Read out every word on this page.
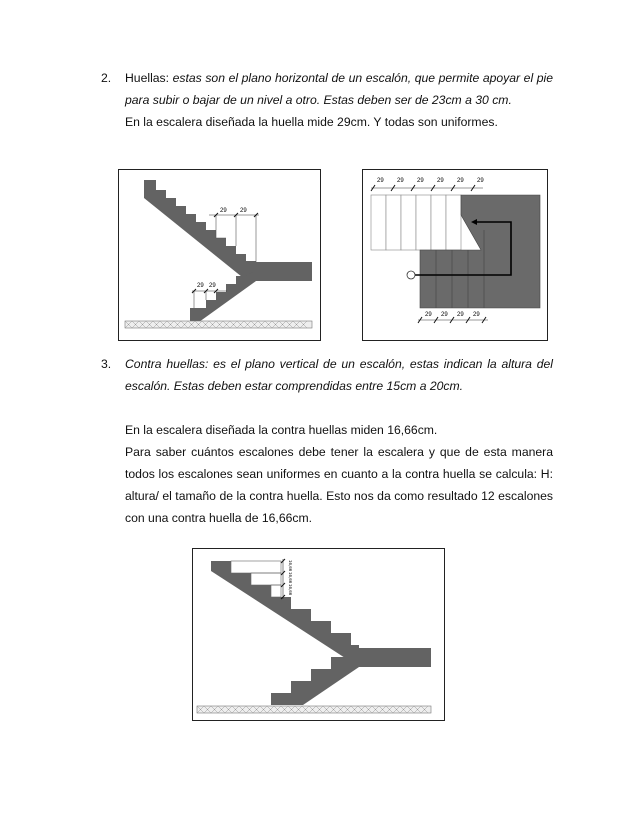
2. Huellas: estas son el plano horizontal de un escalón, que permite apoyar el pie para subir o bajar de un nivel a otro. Estas deben ser de 23cm a 30 cm.

En la escalera diseñada la huella mide 29cm. Y todas son uniformes.

29 29
29 29
29 29 29 29 29 29
29 29 29 29
3. Contra huellas: es el plano vertical de un escalón, estas indican la altura del escalón. Estas deben estar comprendidas entre 15cm a 20cm.

En la escalera diseñada la contra huellas miden 16,66cm.

Para saber cuántos escalones debe tener la escalera y que de esta manera todos los escalones sean uniformes en cuanto a la contra huella se calcula: H: altura/ el tamaño de la contra huella. Esto nos da como resultado 12 escalones con una contra huella de 16,66cm.

16,66
16,66
16,66
